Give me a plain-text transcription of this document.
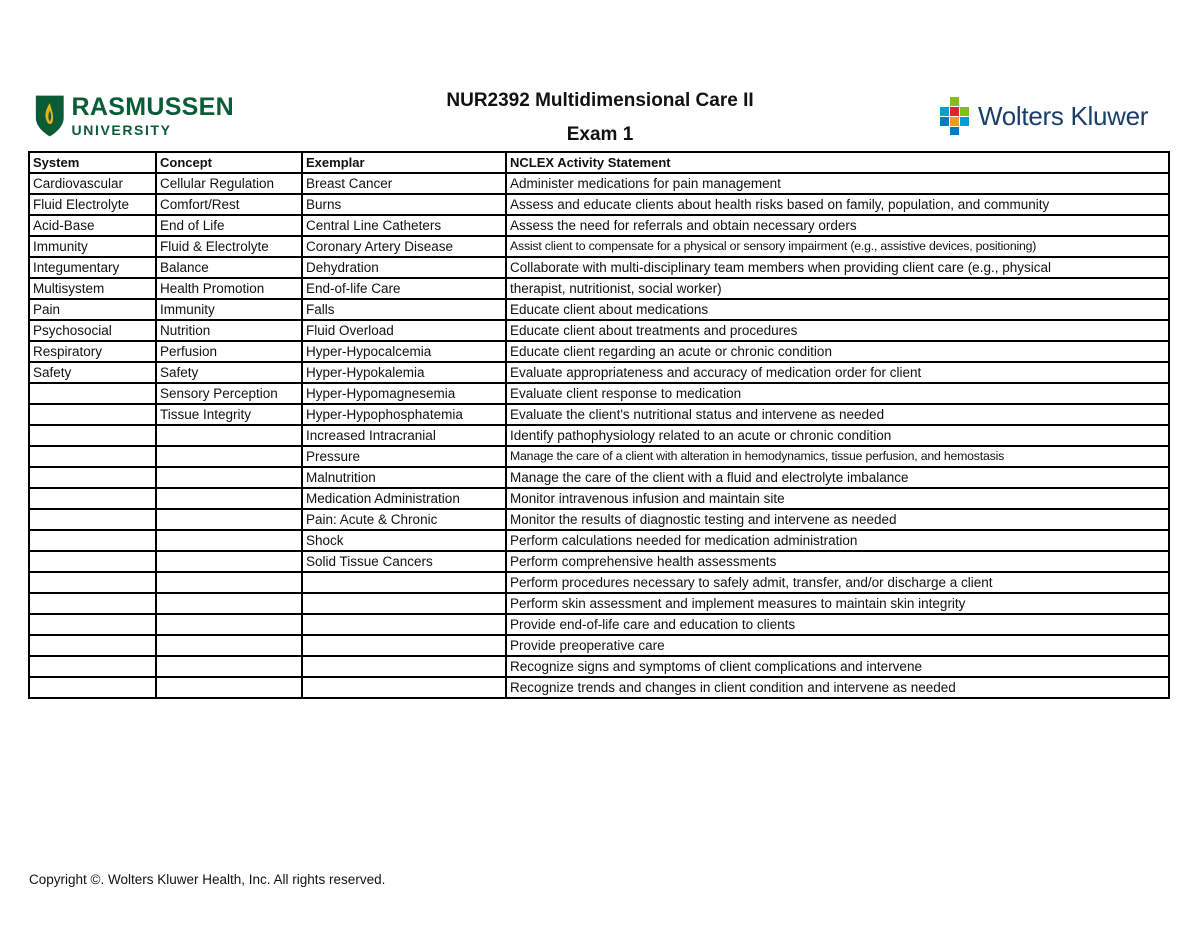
RASMUSSEN
UNIVERSITY
NUR2392 Multidimensional Care II
Exam 1
Wolters Kluwer
System	Concept	Exemplar	NCLEX Activity Statement
Cardiovascular	Cellular Regulation	Breast Cancer	Administer medications for pain management
Fluid Electrolyte	Comfort/Rest	Burns	Assess and educate clients about health risks based on family, population, and community
Acid-Base	End of Life	Central Line Catheters	Assess the need for referrals and obtain necessary orders
Immunity	Fluid & Electrolyte	Coronary Artery Disease	Assist client to compensate for a physical or sensory impairment (e.g., assistive devices, positioning)
Integumentary	Balance	Dehydration	Collaborate with multi-disciplinary team members when providing client care (e.g., physical
Multisystem	Health Promotion	End-of-life Care	therapist, nutritionist, social worker)
Pain	Immunity	Falls	Educate client about medications
Psychosocial	Nutrition	Fluid Overload	Educate client about treatments and procedures
Respiratory	Perfusion	Hyper-Hypocalcemia	Educate client regarding an acute or chronic condition
Safety	Safety	Hyper-Hypokalemia	Evaluate appropriateness and accuracy of medication order for client
	Sensory Perception	Hyper-Hypomagnesemia	Evaluate client response to medication
	Tissue Integrity	Hyper-Hypophosphatemia	Evaluate the client's nutritional status and intervene as needed
		Increased Intracranial	Identify pathophysiology related to an acute or chronic condition
		Pressure	Manage the care of a client with alteration in hemodynamics, tissue perfusion, and hemostasis
		Malnutrition	Manage the care of the client with a fluid and electrolyte imbalance
		Medication Administration	Monitor intravenous infusion and maintain site
		Pain: Acute & Chronic	Monitor the results of diagnostic testing and intervene as needed
		Shock	Perform calculations needed for medication administration
		Solid Tissue Cancers	Perform comprehensive health assessments
			Perform procedures necessary to safely admit, transfer, and/or discharge a client
			Perform skin assessment and implement measures to maintain skin integrity
			Provide end-of-life care and education to clients
			Provide preoperative care
			Recognize signs and symptoms of client complications and intervene
			Recognize trends and changes in client condition and intervene as needed
Copyright ©. Wolters Kluwer Health, Inc. All rights reserved.
